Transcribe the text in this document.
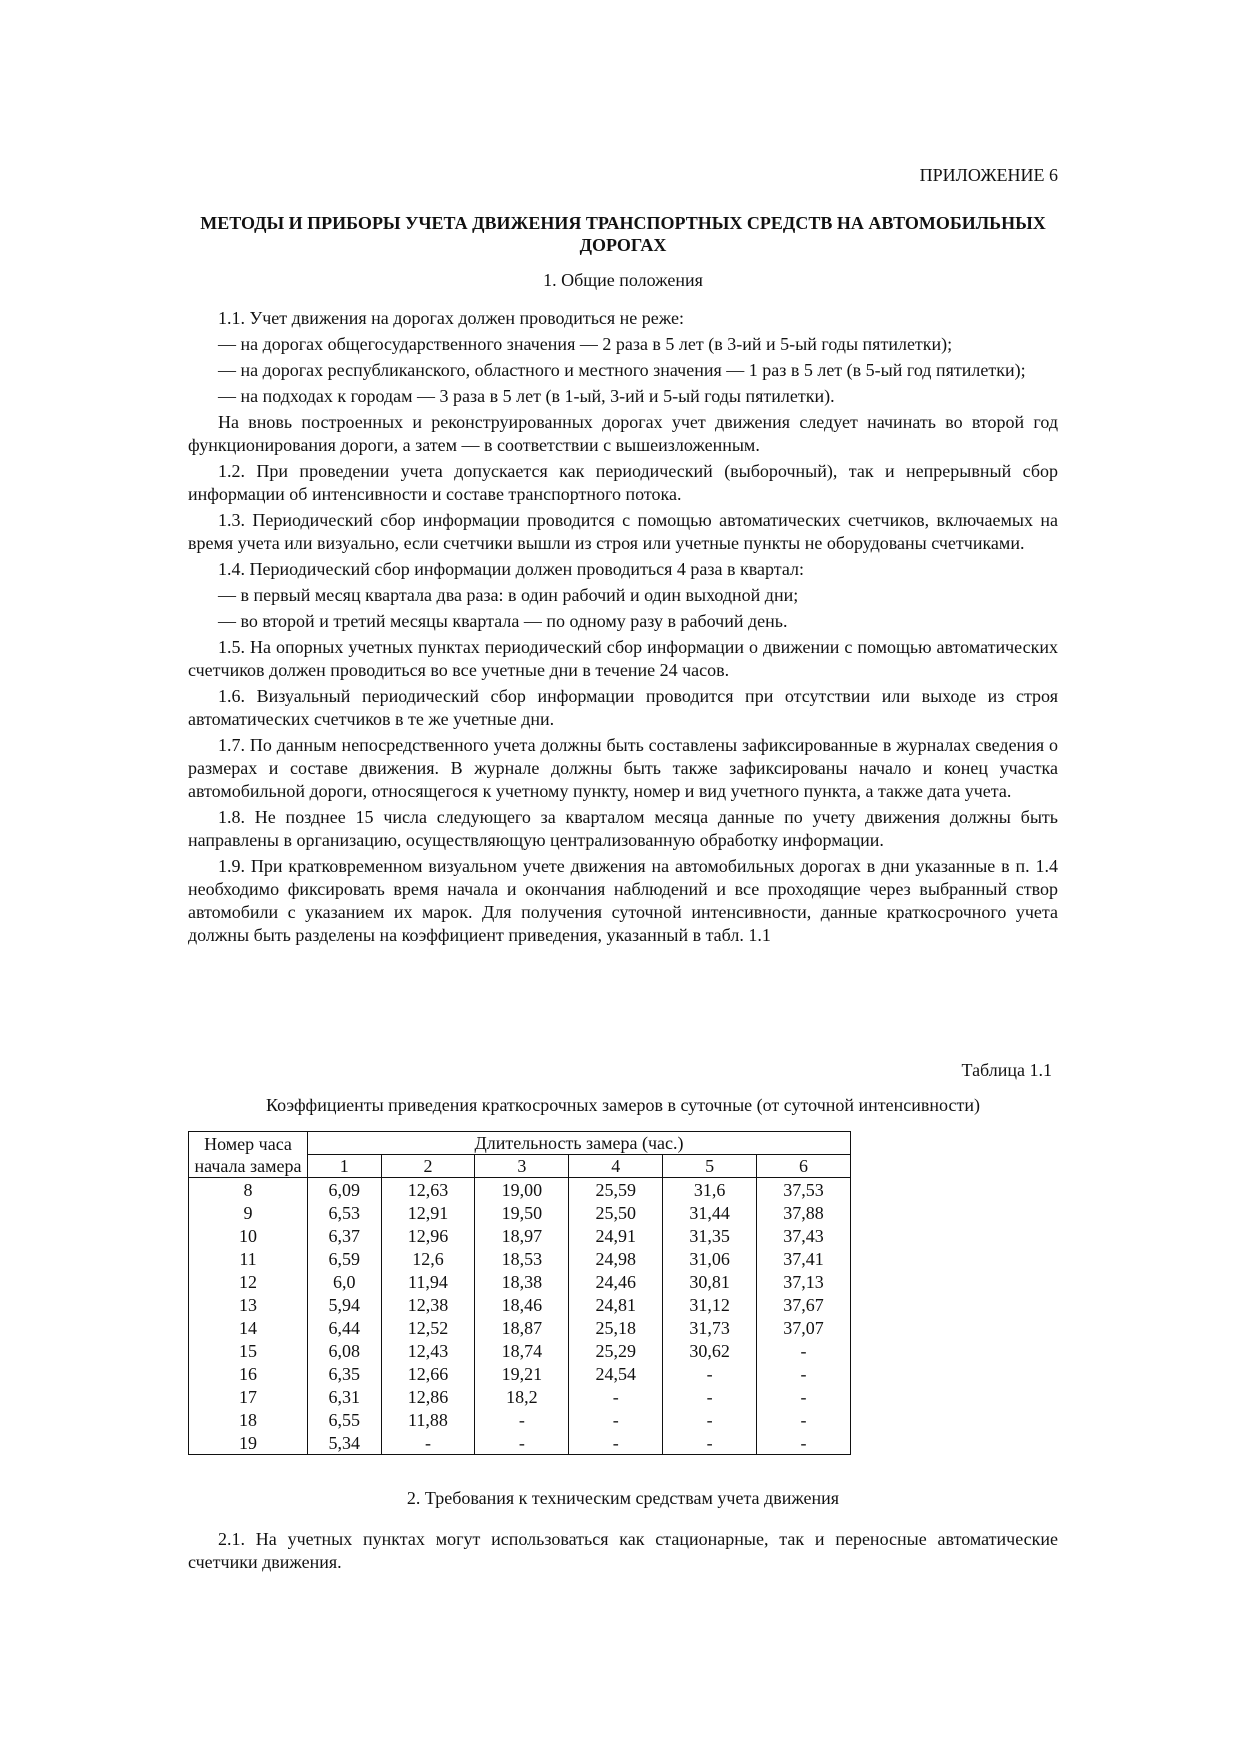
ПРИЛОЖЕНИЕ 6
МЕТОДЫ И ПРИБОРЫ УЧЕТА ДВИЖЕНИЯ ТРАНСПОРТНЫХ СРЕДСТВ НА АВТОМОБИЛЬНЫХ ДОРОГАХ
1. Общие положения

1.1. Учет движения на дорогах должен проводиться не реже:

— на дорогах общегосударственного значения — 2 раза в 5 лет (в 3-ий и 5-ый годы пятилетки);

— на дорогах республиканского, областного и местного значения — 1 раз в 5 лет (в 5-ый год пятилетки);

— на подходах к городам — 3 раза в 5 лет (в 1-ый, 3-ий и 5-ый годы пятилетки).

На вновь построенных и реконструированных дорогах учет движения следует начинать во второй год функционирования дороги, а затем — в соответствии с вышеизложенным.

1.2. При проведении учета допускается как периодический (выборочный), так и непрерывный сбор информации об интенсивности и составе транспортного потока.

1.3. Периодический сбор информации проводится с помощью автоматических счетчиков, включаемых на время учета или визуально, если счетчики вышли из строя или учетные пункты не оборудованы счетчиками.

1.4. Периодический сбор информации должен проводиться 4 раза в квартал:

— в первый месяц квартала два раза: в один рабочий и один выходной дни;

— во второй и третий месяцы квартала — по одному разу в рабочий день.

1.5. На опорных учетных пунктах периодический сбор информации о движении с помощью автоматических счетчиков должен проводиться во все учетные дни в течение 24 часов.

1.6. Визуальный периодический сбор информации проводится при отсутствии или выходе из строя автоматических счетчиков в те же учетные дни.

1.7. По данным непосредственного учета должны быть составлены зафиксированные в журналах сведения о размерах и составе движения. В журнале должны быть также зафиксированы начало и конец участка автомобильной дороги, относящегося к учетному пункту, номер и вид учетного пункта, а также дата учета.

1.8. Не позднее 15 числа следующего за кварталом месяца данные по учету движения должны быть направлены в организацию, осуществляющую централизованную обработку информации.

1.9. При кратковременном визуальном учете движения на автомобильных дорогах в дни указанные в п. 1.4 необходимо фиксировать время начала и окончания наблюдений и все проходящие через выбранный створ автомобили с указанием их марок. Для получения суточной интенсивности, данные краткосрочного учета должны быть разделены на коэффициент приведения, указанный в табл. 1.1

Таблица 1.1
Коэффициенты приведения краткосрочных замеров в суточные (от суточной интенсивности)
Номер часа начала замера	Длительность замера (час.)					
	1	2	3	4	5	6
8	6,09	12,63	19,00	25,59	31,6	37,53
9	6,53	12,91	19,50	25,50	31,44	37,88
10	6,37	12,96	18,97	24,91	31,35	37,43
11	6,59	12,6	18,53	24,98	31,06	37,41
12	6,0	11,94	18,38	24,46	30,81	37,13
13	5,94	12,38	18,46	24,81	31,12	37,67
14	6,44	12,52	18,87	25,18	31,73	37,07
15	6,08	12,43	18,74	25,29	30,62	-
16	6,35	12,66	19,21	24,54	-	-
17	6,31	12,86	18,2	-	-	-
18	6,55	11,88	-	-	-	-
19	5,34	-	-	-	-	-
2. Требования к техническим средствам учета движения

2.1. На учетных пунктах могут использоваться как стационарные, так и переносные автоматические счетчики движения.
